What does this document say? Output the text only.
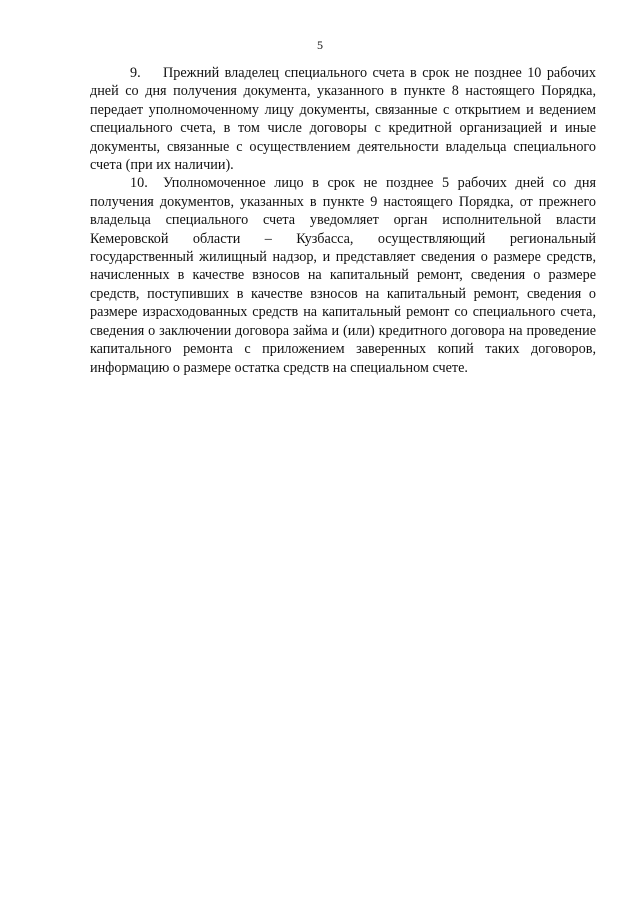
5

9. Прежний владелец специального счета в срок не позднее 10 рабочих дней со дня получения документа, указанного в пункте 8 настоящего Порядка, передает уполномоченному лицу документы, связанные с открытием и ведением специального счета, в том числе договоры с кредитной организацией и иные документы, связанные с осуществлением деятельности владельца специального счета (при их наличии).

10. Уполномоченное лицо в срок не позднее 5 рабочих дней со дня получения документов, указанных в пункте 9 настоящего Порядка, от прежнего владельца специального счета уведомляет орган исполнительной власти Кемеровской области – Кузбасса, осуществляющий региональный государственный жилищный надзор, и представляет сведения о размере средств, начисленных в качестве взносов на капитальный ремонт, сведения о размере средств, поступивших в качестве взносов на капитальный ремонт, сведения о размере израсходованных средств на капитальный ремонт со специального счета, сведения о заключении договора займа и (или) кредитного договора на проведение капитального ремонта с приложением заверенных копий таких договоров, информацию о размере остатка средств на специальном счете.
